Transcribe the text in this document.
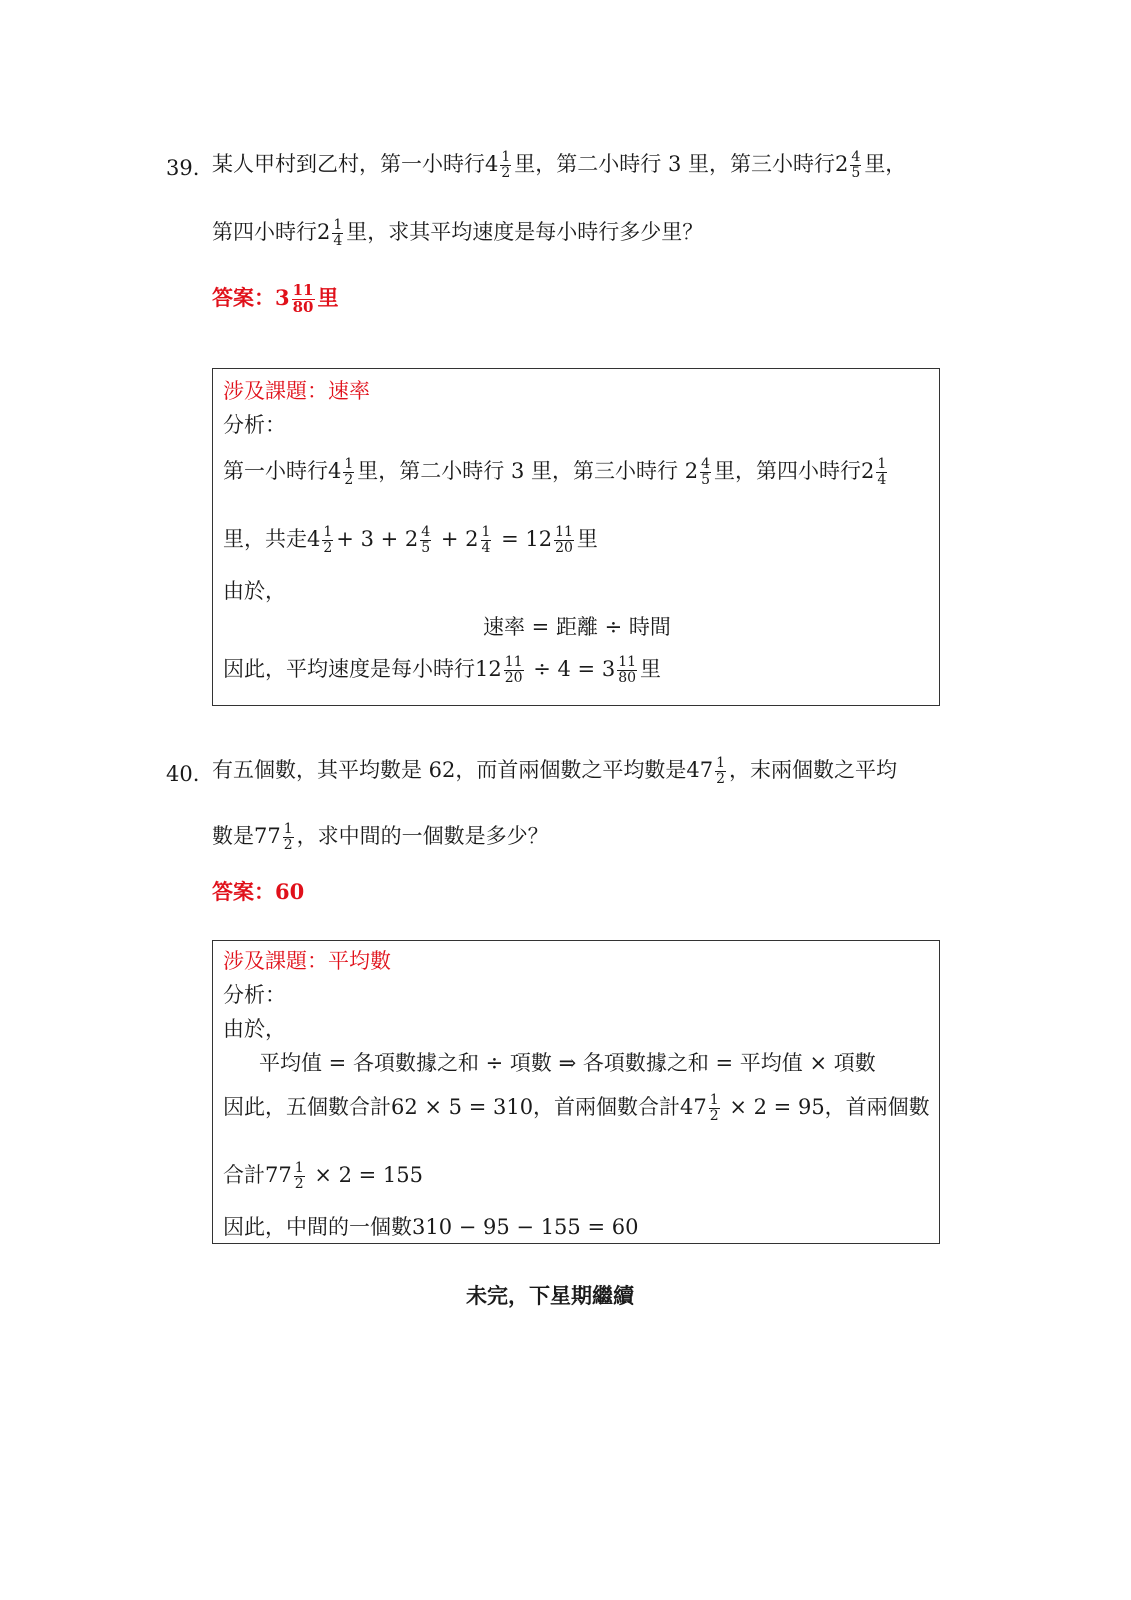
39. 某人甲村到乙村，第一小時行$4 \frac{1}{2}$ 里，第二小時行 3 里，第三小時行$2 \frac{4}{5}$ 里，
第四小時行$2 \frac{1}{4}$ 里，求其平均速度是每小時行多少里？
答案：$3 \frac{11}{80}$ 里
涉及課題：速率
分析：
第一小時行$4 \frac{1}{2}$ 里，第二小時行 3 里，第三小時行 $2 \frac{4}{5}$ 里，第四小時行$2 \frac{1}{4}$
里，共走$4 \frac{1}{2} + 3 + 2 \frac{4}{5} + 2 \frac{1}{4} = 12 \frac{11}{20}$ 里
由於，
速率 = 距離 ÷ 時間
因此，平均速度是每小時行$12 \frac{11}{20} \div 4 = 3 \frac{11}{80}$ 里
40. 有五個數，其平均數是 62，而首兩個數之平均數是$47 \frac{1}{2}$ ，末兩個數之平均
數是$77 \frac{1}{2}$ ，求中間的一個數是多少？
答案：60
涉及課題：平均數
分析：
由於，
平均值 = 各項數據之和 ÷ 項數 ⇒ 各項數據之和 = 平均值 × 項數
因此，五個數合計62 × 5 = 310，首兩個數合計$47 \frac{1}{2} \times 2 = 95$，首兩個數
合計$77 \frac{1}{2} \times 2 = 155$
因此，中間的一個數310 − 95 − 155 = 60
未完，下星期繼續
